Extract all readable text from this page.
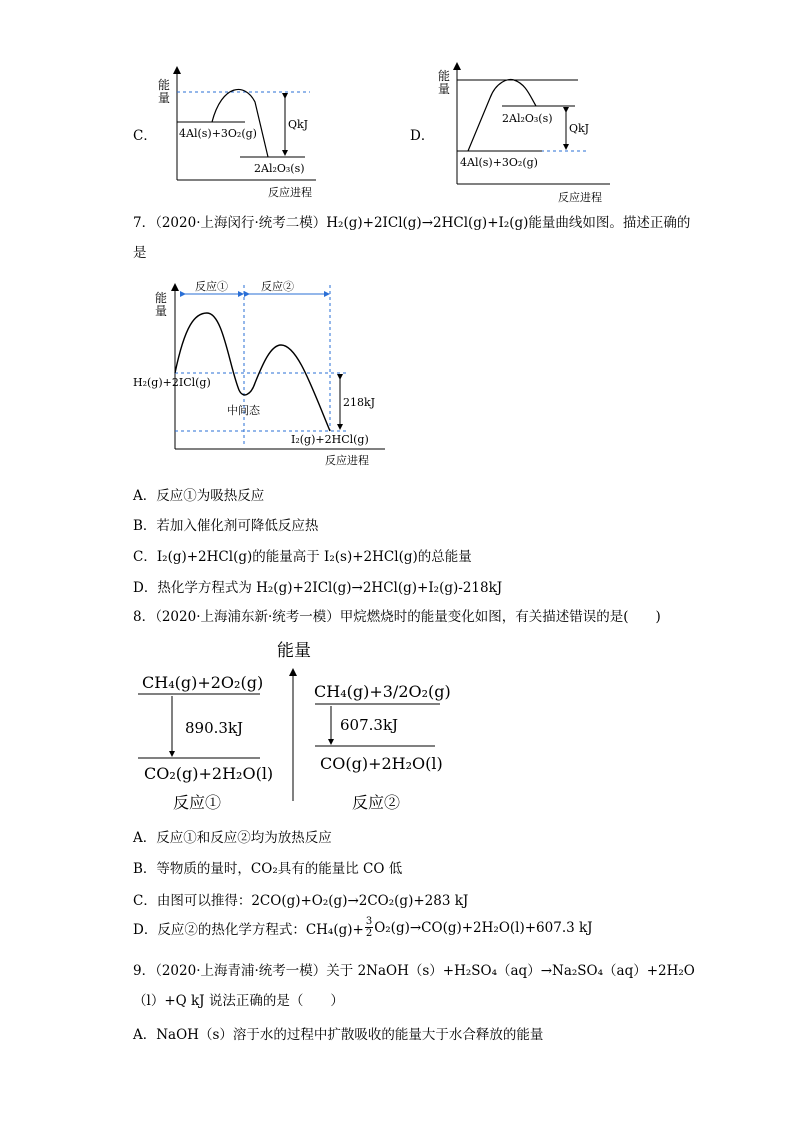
C．
能
量
4Al(s)+3O₂(g)
2Al₂O₃(s)
QkJ
反应进程
D．
能
量
2Al₂O₃(s)
4Al(s)+3O₂(g)
QkJ
反应进程
7．（2020·上海闵行·统考二模）H₂(g)+2ICl(g)→2HCl(g)+I₂(g)能量曲线如图。描述正确的
是
能
量
反应①	反应②
218kJ
H₂(g)+2ICl(g)
中间态
I₂(g)+2HCl(g)
反应进程
A．反应①为吸热反应
B．若加入催化剂可降低反应热
C．I₂(g)+2HCl(g)的能量高于 I₂(s)+2HCl(g)的总能量
D．热化学方程式为 H₂(g)+2ICl(g)→2HCl(g)+I₂(g)-218kJ
8．（2020·上海浦东新·统考一模）甲烷燃烧时的能量变化如图，有关描述错误的是(　　)
能量
CH₄(g)+2O₂(g)
890.3kJ
CO₂(g)+2H₂O(l)
反应①
CH₄(g)+3/2O₂(g)
607.3kJ
CO(g)+2H₂O(l)
反应②
A．反应①和反应②均为放热反应
B．等物质的量时，CO₂具有的能量比 CO 低
C．由图可以推得：2CO(g)+O₂(g)→2CO₂(g)+283 kJ
D．反应②的热化学方程式：$CH_4(g)+ \frac{3}{2} O_2(g)\to CO(g)+2H_2O(l)+607.3$ kJ
9．（2020·上海青浦·统考一模）关于 2NaOH（s）+H₂SO₄（aq）→Na₂SO₄（aq）+2H₂O
（l）+Q kJ 说法正确的是（　　）
A．NaOH（s）溶于水的过程中扩散吸收的能量大于水合释放的能量
